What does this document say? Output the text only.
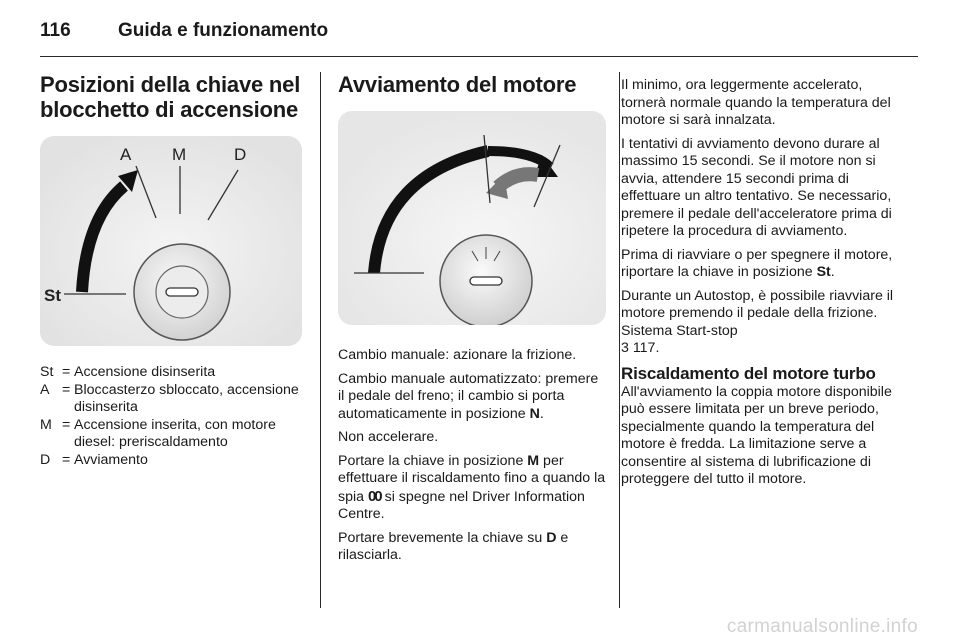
116 Guida e funzionamento
Posizioni della chiave nel blocchetto di accensione
A M	D
St
St = Accensione disinserita
A = Bloccasterzo sbloccato, accensione disinserita
M = Accensione inserita, con motore diesel: preriscaldamento
D = Avviamento
Avviamento del motore

Cambio manuale: azionare la frizione.

Cambio manuale automatizzato: premere il pedale del freno; il cambio si porta automaticamente in posizione N.

Non accelerare.

Portare la chiave in posizione M per effettuare il riscaldamento fino a quando la spia 00 si spegne nel Driver Information Centre.

Portare brevemente la chiave su D e rilasciarla.

Il minimo, ora leggermente accelerato, tornerà normale quando la temperatura del motore si sarà innalzata.

I tentativi di avviamento devono durare al massimo 15 secondi. Se il motore non si avvia, attendere 15 secondi prima di effettuare un altro tentativo. Se necessario, premere il pedale dell'acceleratore prima di ripetere la procedura di avviamento.

Prima di riavviare o per spegnere il motore, riportare la chiave in posizione St.

Durante un Autostop, è possibile riavviare il motore premendo il pedale della frizione. Sistema Start-stop
3 117.

Riscaldamento del motore turbo

All'avviamento la coppia motore disponibile può essere limitata per un breve periodo, specialmente quando la temperatura del motore è fredda. La limitazione serve a consentire al sistema di lubrificazione di proteggere del tutto il motore.

carmanualsonline.info
